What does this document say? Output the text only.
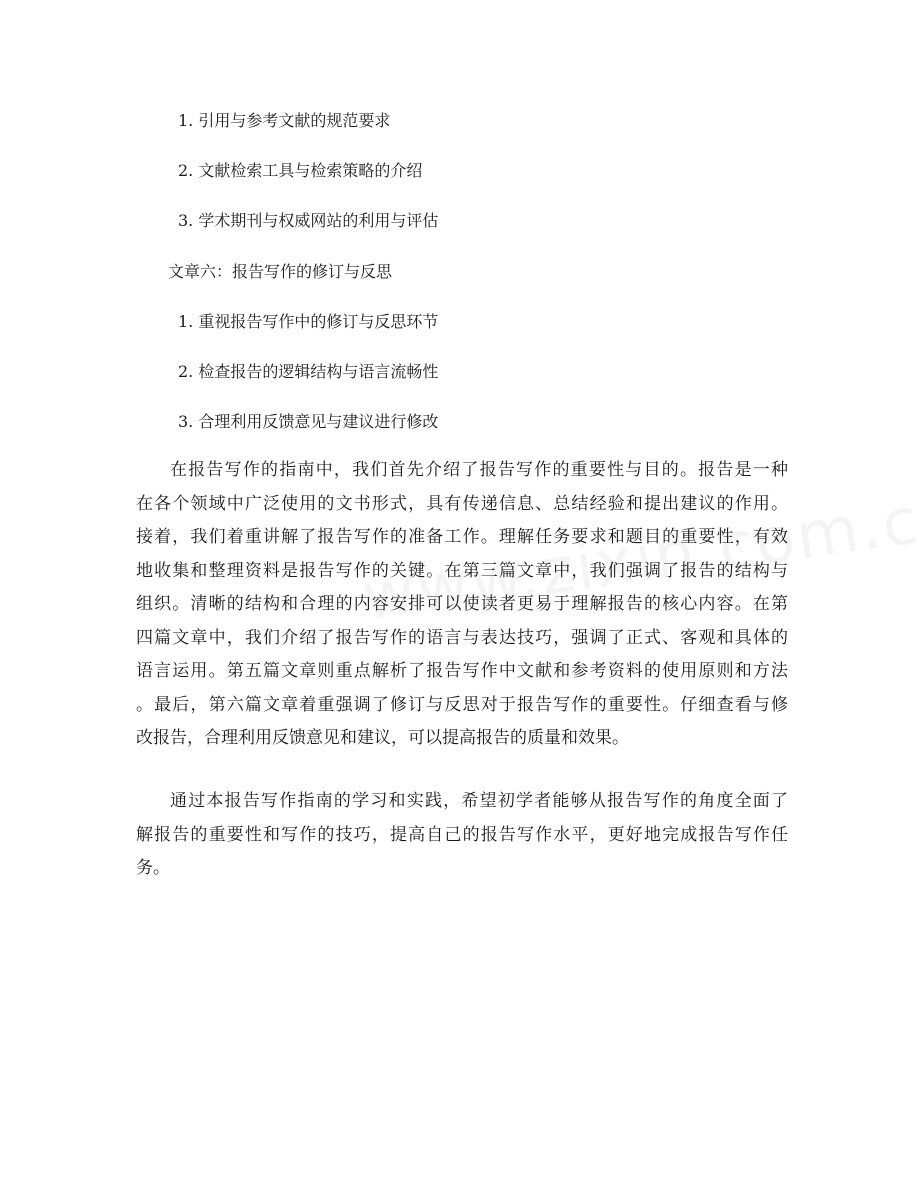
1. 引用与参考文献的规范要求
2. 文献检索工具与检索策略的介绍
3. 学术期刊与权威网站的利用与评估
文章六：报告写作的修订与反思
1. 重视报告写作中的修订与反思环节
2. 检查报告的逻辑结构与语言流畅性
3. 合理利用反馈意见与建议进行修改
在报告写作的指南中，我们首先介绍了报告写作的重要性与目的。报告是一种
在各个领域中广泛使用的文书形式，具有传递信息、总结经验和提出建议的作用。
接着，我们着重讲解了报告写作的准备工作。理解任务要求和题目的重要性，有效
地收集和整理资料是报告写作的关键。在第三篇文章中，我们强调了报告的结构与
组织。清晰的结构和合理的内容安排可以使读者更易于理解报告的核心内容。在第
四篇文章中，我们介绍了报告写作的语言与表达技巧，强调了正式、客观和具体的
语言运用。第五篇文章则重点解析了报告写作中文献和参考资料的使用原则和方法
。最后，第六篇文章着重强调了修订与反思对于报告写作的重要性。仔细查看与修
改报告，合理利用反馈意见和建议，可以提高报告的质量和效果。
通过本报告写作指南的学习和实践，希望初学者能够从报告写作的角度全面了
解报告的重要性和写作的技巧，提高自己的报告写作水平，更好地完成报告写作任
务。
